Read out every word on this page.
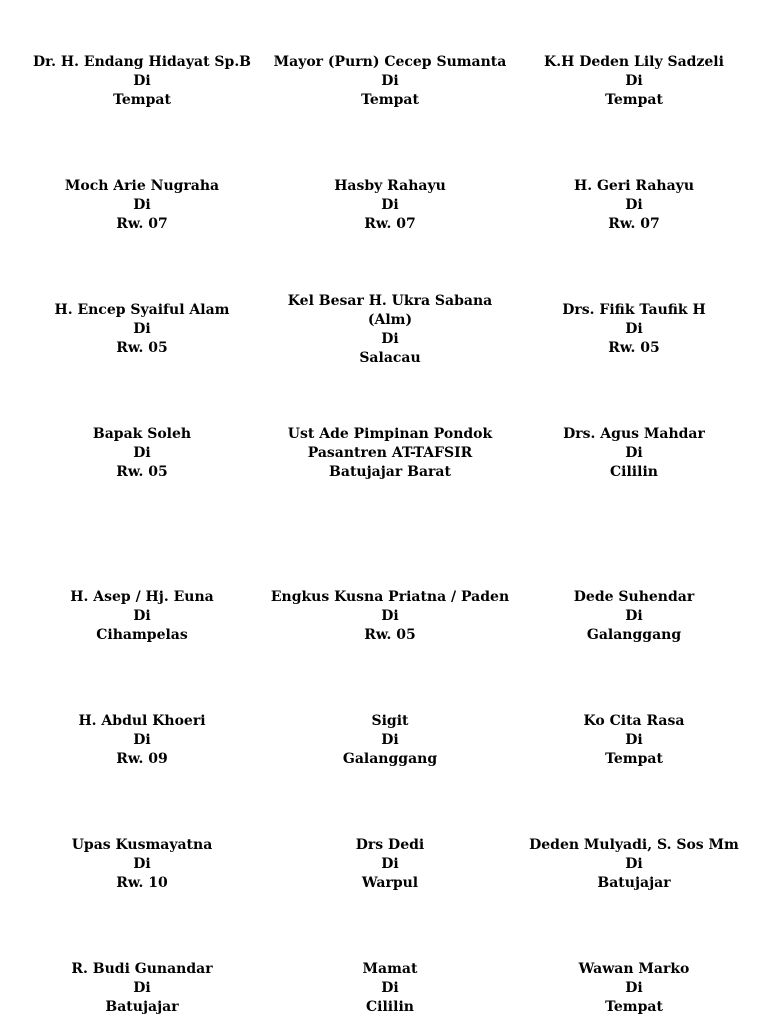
Dr. H. Endang Hidayat Sp.B
Di
Tempat
Mayor (Purn) Cecep Sumanta
Di
Tempat
K.H Deden Lily Sadzeli
Di
Tempat
Moch Arie Nugraha
Di
Rw. 07
Hasby Rahayu
Di
Rw. 07
H. Geri Rahayu
Di
Rw. 07
H. Encep Syaiful Alam
Di
Rw. 05
Kel Besar H. Ukra Sabana
(Alm)
Di
Salacau
Drs. Fifik Taufik H
Di
Rw. 05
Bapak Soleh
Di
Rw. 05
Ust Ade Pimpinan Pondok
Pasantren AT-TAFSIR
Batujajar Barat
Drs. Agus Mahdar
Di
Cililin
H. Asep / Hj. Euna
Di
Cihampelas
Engkus Kusna Priatna / Paden
Di
Rw. 05
Dede Suhendar
Di
Galanggang
H. Abdul Khoeri
Di
Rw. 09
Sigit
Di
Galanggang
Ko Cita Rasa
Di
Tempat
Upas Kusmayatna
Di
Rw. 10
Drs Dedi
Di
Warpul
Deden Mulyadi, S. Sos Mm
Di
Batujajar
R. Budi Gunandar
Di
Batujajar
Mamat
Di
Cililin
Wawan Marko
Di
Tempat
